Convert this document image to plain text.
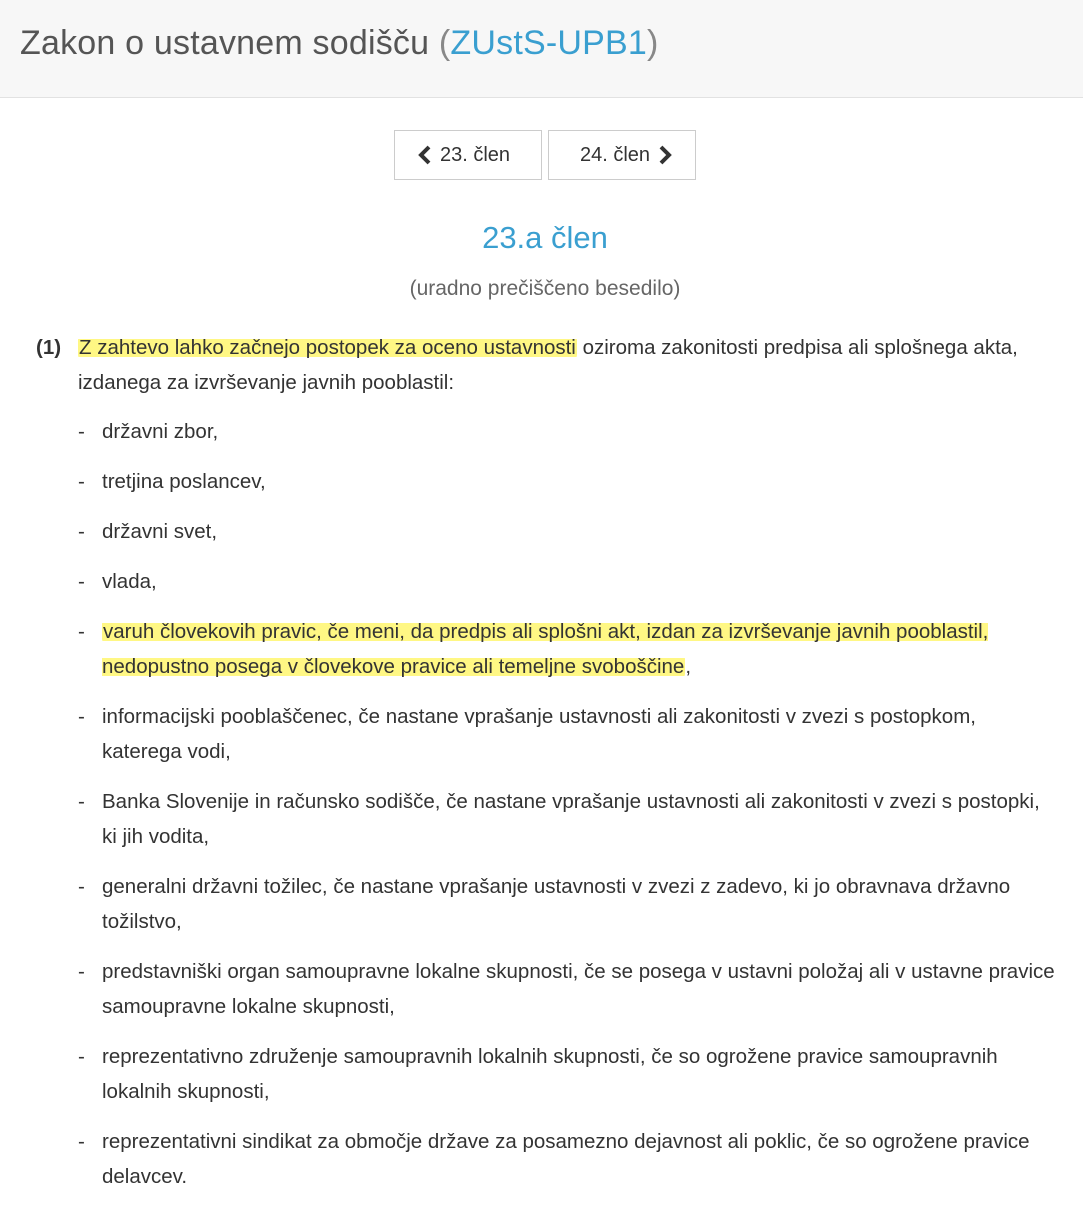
Zakon o ustavnem sodišču (ZUstS-UPB1)
23. člen	24. člen
23.a člen
(uradno prečiščeno besedilo)
(1) Z zahtevo lahko začnejo postopek za oceno ustavnosti oziroma zakonitosti predpisa ali splošnega akta, izdanega za izvrševanje javnih pooblastil:
- državni zbor,
- tretjina poslancev,
- državni svet,
- vlada,
- varuh človekovih pravic, če meni, da predpis ali splošni akt, izdan za izvrševanje javnih pooblastil, nedopustno posega v človekove pravice ali temeljne svoboščine,
- informacijski pooblaščenec, če nastane vprašanje ustavnosti ali zakonitosti v zvezi s postopkom, katerega vodi,
- Banka Slovenije in računsko sodišče, če nastane vprašanje ustavnosti ali zakonitosti v zvezi s postopki, ki jih vodita,
- generalni državni tožilec, če nastane vprašanje ustavnosti v zvezi z zadevo, ki jo obravnava državno tožilstvo,
- predstavniški organ samoupravne lokalne skupnosti, če se posega v ustavni položaj ali v ustavne pravice samoupravne lokalne skupnosti,
- reprezentativno združenje samoupravnih lokalnih skupnosti, če so ogrožene pravice samoupravnih lokalnih skupnosti,
- reprezentativni sindikat za območje države za posamezno dejavnost ali poklic, če so ogrožene pravice delavcev.
